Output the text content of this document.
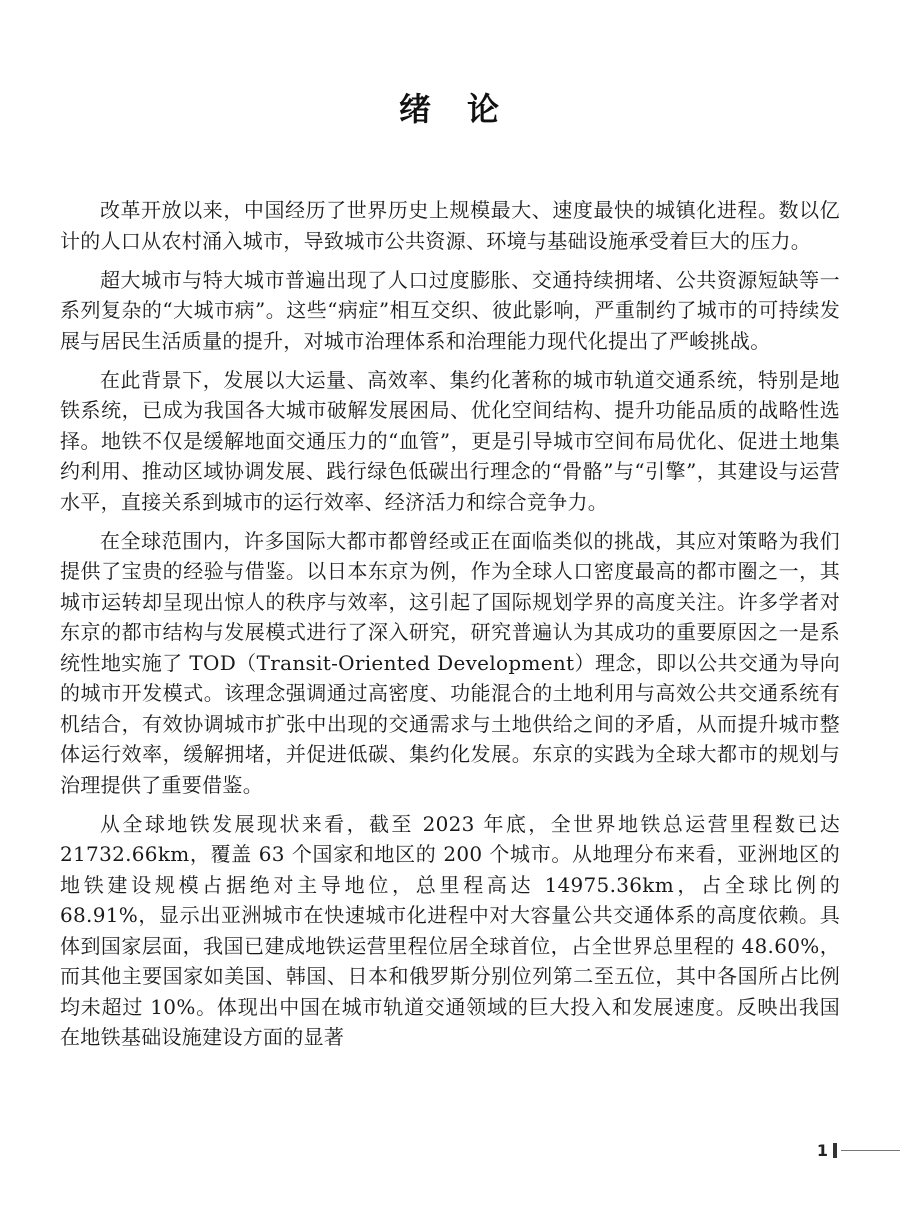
绪　论

改革开放以来，中国经历了世界历史上规模最大、速度最快的城镇化进程。数以亿计的人口从农村涌入城市，导致城市公共资源、环境与基础设施承受着巨大的压力。

超大城市与特大城市普遍出现了人口过度膨胀、交通持续拥堵、公共资源短缺等一系列复杂的“大城市病”。这些“病症”相互交织、彼此影响，严重制约了城市的可持续发展与居民生活质量的提升，对城市治理体系和治理能力现代化提出了严峻挑战。

在此背景下，发展以大运量、高效率、集约化著称的城市轨道交通系统，特别是地铁系统，已成为我国各大城市破解发展困局、优化空间结构、提升功能品质的战略性选择。地铁不仅是缓解地面交通压力的“血管”，更是引导城市空间布局优化、促进土地集约利用、推动区域协调发展、践行绿色低碳出行理念的“骨骼”与“引擎”，其建设与运营水平，直接关系到城市的运行效率、经济活力和综合竞争力。

在全球范围内，许多国际大都市都曾经或正在面临类似的挑战，其应对策略为我们提供了宝贵的经验与借鉴。以日本东京为例，作为全球人口密度最高的都市圈之一，其城市运转却呈现出惊人的秩序与效率，这引起了国际规划学界的高度关注。许多学者对东京的都市结构与发展模式进行了深入研究，研究普遍认为其成功的重要原因之一是系统性地实施了 TOD（Transit-Oriented Development）理念，即以公共交通为导向的城市开发模式。该理念强调通过高密度、功能混合的土地利用与高效公共交通系统有机结合，有效协调城市扩张中出现的交通需求与土地供给之间的矛盾，从而提升城市整体运行效率，缓解拥堵，并促进低碳、集约化发展。东京的实践为全球大都市的规划与治理提供了重要借鉴。

从全球地铁发展现状来看，截至 2023 年底，全世界地铁总运营里程数已达 21732.66km，覆盖 63 个国家和地区的 200 个城市。从地理分布来看，亚洲地区的地铁建设规模占据绝对主导地位，总里程高达 14975.36km，占全球比例的 68.91%，显示出亚洲城市在快速城市化进程中对大容量公共交通体系的高度依赖。具体到国家层面，我国已建成地铁运营里程位居全球首位，占全世界总里程的 48.60%，而其他主要国家如美国、韩国、日本和俄罗斯分别位列第二至五位，其中各国所占比例均未超过 10%。体现出中国在城市轨道交通领域的巨大投入和发展速度。反映出我国在地铁基础设施建设方面的显著

1
